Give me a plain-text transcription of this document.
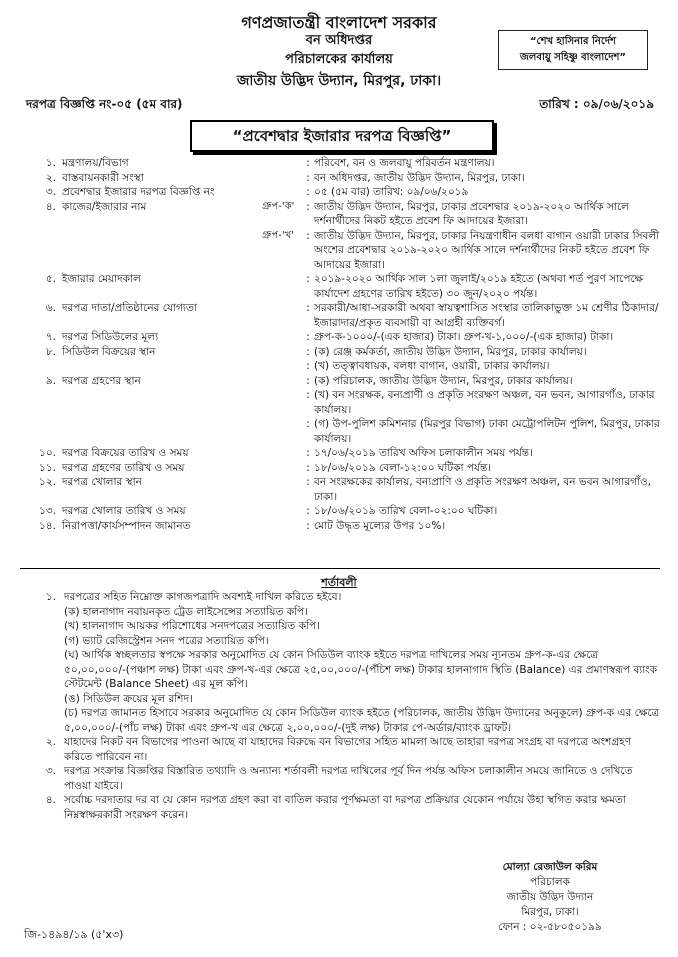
গণপ্রজাতন্ত্রী বাংলাদেশ সরকার
বন অধিদপ্তর
পরিচালকের কার্যালয়
জাতীয় উদ্ভিদ উদ্যান, মিরপুর, ঢাকা।
“শেখ হাসিনার নির্দেশ
জলবায়ু সহিষ্ণু বাংলাদেশ”
দরপত্র বিজ্ঞপ্তি নং-০৫ (৫ম বার)	তারিখ : ০৯/০৬/২০১৯
“প্রবেশদ্বার ইজারার দরপত্র বিজ্ঞপ্তি”
১. মন্ত্রণালয়/বিভাগ	: পরিবেশ, বন ও জলবায়ু পরিবর্তন মন্ত্রণালয়।
২. বাস্তবায়নকারী সংস্থা	: বন অধিদপ্তর, জাতীয় উদ্ভিদ উদ্যান, মিরপুর, ঢাকা।
৩. প্রবেশদ্বার ইজারার দরপত্র বিজ্ঞপ্তি নং	: ০৫ (৫ম বার) তারিখ: ০৯/০৬/২০১৯
৪. কাজের/ইজারার নাম	গ্রুপ-'ক'	: জাতীয় উদ্ভিদ উদ্যান, মিরপুর, ঢাকার প্রবেশদ্বার ২০১৯-২০২০ আর্থিক সালে দর্শনার্থীদের নিকট হইতে প্রবেশ ফি আদায়ের ইজারা।
গ্রুপ-'খ'	: জাতীয় উদ্ভিদ উদ্যান, মিরপুর, ঢাকার নিয়ন্ত্রণাধীন বলধা বাগান ওয়ারী ঢাকার সিবলী অংশের প্রবেশদ্বার ২০১৯-২০২০ আর্থিক সালে দর্শনার্থীদের নিকট হইতে প্রবেশ ফি আদায়ের ইজারা।
৫. ইজারার মেয়াদকাল	: ২০১৯-২০২০ আর্থিক সাল ১লা জুলাই/২০১৯ হইতে (অথবা শর্ত পুরণ সাপেক্ষে কার্যাদেশ গ্রহণের তারিখ হইতে) ৩০ জুন/২০২০ পর্যন্ত।
৬. দরপত্র দাতা/প্রতিষ্ঠানের যোগ্যতা	: সরকারী/আধা-সরকারী অথবা স্বায়ত্বশাসিত সংস্থার তালিকাভুক্ত ১ম শ্রেণীর ঠিকাদার/ইজারাদার/প্রকৃত ব্যবসায়ী বা আগ্রহী ব্যক্তিবর্গ।
৭. দরপত্র সিডিউলের মূল্য	: গ্রুপ-ক-১০০০/-(এক হাজার) টাকা। গ্রুপ-খ-১,০০০/-(এক হাজার) টাকা।
৮. সিডিউল বিক্রয়ের স্থান	: (ক) রেঞ্জ কর্মকর্তা, জাতীয় উদ্ভিদ উদ্যান, মিরপুর, ঢাকার কার্যালয়।
: (খ) তত্ত্বাবধায়ক, বলধা বাগান, ওয়ারী, ঢাকার কার্যালয়।
৯. দরপত্র গ্রহণের স্থান	: (ক) পরিচালক, জাতীয় উদ্ভিদ উদ্যান, মিরপুর, ঢাকার কার্যালয়।
: (খ) বন সংরক্ষক, বন্যপ্রাণী ও প্রকৃতি সংরক্ষণ অঞ্চল, বন ভবন, আগারগাঁও, ঢাকার কার্যালয়।
: (গ) উপ-পুলিশ কমিশনার (মিরপুর বিভাগ) ঢাকা মেট্রোপলিটন পুলিশ, মিরপুর, ঢাকার কার্যালয়।
১০. দরপত্র বিক্রয়ের তারিখ ও সময়	: ১৭/০৬/২০১৯ তারিখ অফিস চলাকালীন সময় পর্যন্ত।
১১. দরপত্র গ্রহণের তারিখ ও সময়	: ১৮/০৬/২০১৯ বেলা-১২:০০ ঘটিকা পর্যন্ত।
১২. দরপত্র খোলার স্থান	: বন সংরক্ষকের কার্যালয়, বন্যপ্রাণি ও প্রকৃতি সংরক্ষণ অঞ্চল, বন ভবন আগারগাঁও, ঢাকা।
১৩. দরপত্র খোলার তারিখ ও সময়	: ১৮/০৬/২০১৯ তারিখ বেলা-০২:০০ ঘটিকা।
১৪. নিরাপত্তা/কার্যসম্পাদন জামানত	: মোট উদ্ধৃত মূল্যের উপর ১০%।
শর্তাবলী
১. দরপত্রের সহিত নিম্নোক্ত কাগজপত্রাদি অবশ্যই দাখিল করিতে হইবে।
(ক) হালনাগাদ নবায়নকৃত ট্রেড লাইসেন্সের সত্যায়িত কপি।
(খ) হালনাগাদ আয়কর পরিশোধের সনদপত্রের সত্যায়িত কপি।
(গ) ভ্যাট রেজিস্ট্রেশন সনদ পত্রের সত্যায়িত কপি।
(ঘ) আর্থিক স্বচ্ছলতার স্বপক্ষে সরকার অনুমোদিত যে কোন সিডিউল ব্যাংক হইতে দরপত্র দাখিলের সময় ন্যূনতম গ্রুপ-ক-এর ক্ষেত্রে ৫০,০০,০০০/-(পঞ্চাশ লক্ষ) টাকা এবং গ্রুপ-খ-এর ক্ষেত্রে ২৫,০০,০০০/-(পঁচিশ লক্ষ) টাকার হালনাগাদ স্থিতি (Balance) এর প্রমাণস্বরূপ ব্যাংক স্টেটমেন্ট (Balance Sheet) এর মূল কপি।
(ঙ) সিডিউল ক্রয়ের মূল রশিদ।
(চ) দরপত্র জামানত হিসাবে সরকার অনুমোদিত যে কোন সিডিউল ব্যাংক হইতে (পরিচালক, জাতীয় উদ্ভিদ উদ্যানের অনুকূলে) গ্রুপ-ক এর ক্ষেত্রে ৫,০০,০০০/-(পাঁচ লক্ষ) টাকা এবং গ্রুপ-খ এর ক্ষেত্রে ২,০০,০০০/-(দুই লক্ষ) টাকার পে-অর্ডার/ব্যাংক ড্রাফট।
২. যাহাদের নিকট বন বিভাগের পাওনা আছে বা যাহাদের বিরুদ্ধে বন বিভাগের সহিত মামলা আছে তাহারা দরপত্র সংগ্রহ বা দরপত্রে অংশগ্রহণ করিতে পারিবেন না।
৩. দরপত্র সংক্রান্ত বিজ্ঞপ্তির বিস্তারিত তথ্যাদি ও অন্যান্য শর্তাবলী দরপত্র দাখিলের পূর্ব দিন পর্যন্ত অফিস চলাকালীন সময়ে জানিতে ও দেখিতে পাওয়া যাইবে।
৪. সর্বোচ্চ দরদাতার দর বা যে কোন দরপত্র গ্রহণ করা বা বাতিল করার পূর্ণক্ষমতা বা দরপত্র প্রক্রিয়ার যেকোন পর্যায়ে উহা স্থগিত করার ক্ষমতা নিম্নস্বাক্ষরকারী সংরক্ষণ করেন।
মোল্যা রেজাউল করিম
পরিচালক
জাতীয় উদ্ভিদ উদ্যান
মিরপুর, ঢাকা।
ফোন : ০২-৫৮০৫০১৯৯
জি-১৪৯৪/১৯ (৫'x৩)
